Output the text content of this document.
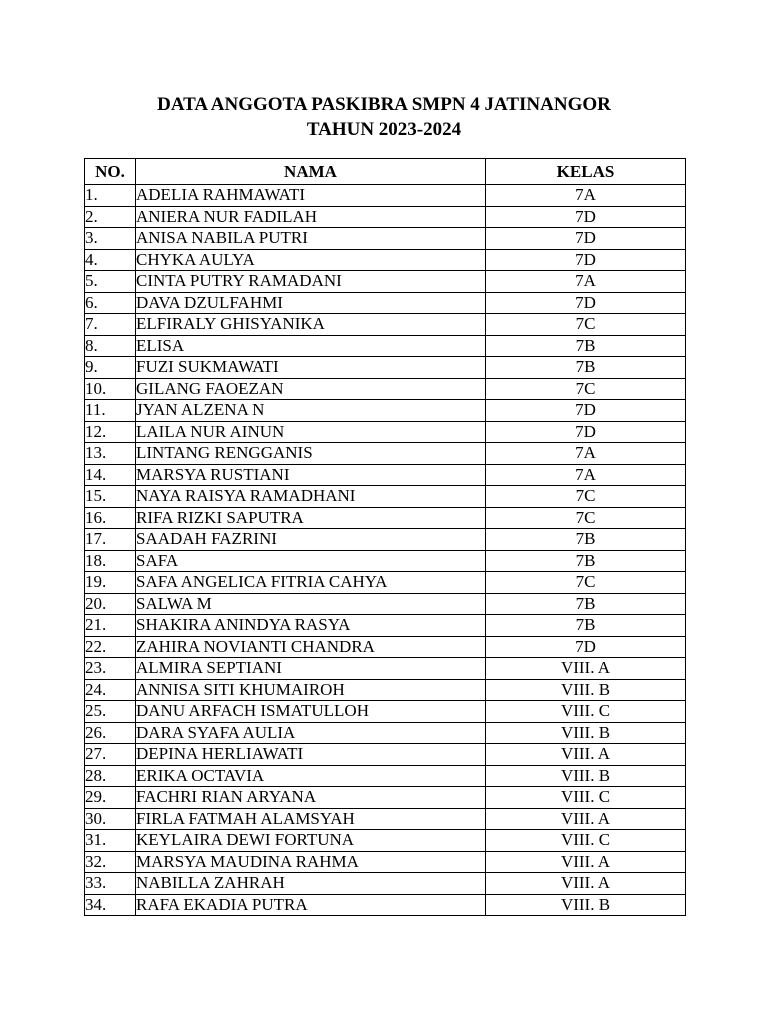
DATA ANGGOTA PASKIBRA SMPN 4 JATINANGOR
TAHUN 2023-2024
NO.	NAMA	KELAS
1.	ADELIA RAHMAWATI	7A
2.	ANIERA NUR FADILAH	7D
3.	ANISA NABILA PUTRI	7D
4.	CHYKA AULYA	7D
5.	CINTA PUTRY RAMADANI	7A
6.	DAVA DZULFAHMI	7D
7.	ELFIRALY GHISYANIKA	7C
8.	ELISA	7B
9.	FUZI SUKMAWATI	7B
10.	GILANG FAOEZAN	7C
11.	JYAN ALZENA N	7D
12.	LAILA NUR AINUN	7D
13.	LINTANG RENGGANIS	7A
14.	MARSYA RUSTIANI	7A
15.	NAYA RAISYA RAMADHANI	7C
16.	RIFA RIZKI SAPUTRA	7C
17.	SAADAH FAZRINI	7B
18.	SAFA	7B
19.	SAFA ANGELICA FITRIA CAHYA	7C
20.	SALWA M	7B
21.	SHAKIRA ANINDYA RASYA	7B
22.	ZAHIRA NOVIANTI CHANDRA	7D
23.	ALMIRA SEPTIANI	VIII. A
24.	ANNISA SITI KHUMAIROH	VIII. B
25.	DANU ARFACH ISMATULLOH	VIII. C
26.	DARA SYAFA AULIA	VIII. B
27.	DEPINA HERLIAWATI	VIII. A
28.	ERIKA OCTAVIA	VIII. B
29.	FACHRI RIAN ARYANA	VIII. C
30.	FIRLA FATMAH ALAMSYAH	VIII. A
31.	KEYLAIRA DEWI FORTUNA	VIII. C
32.	MARSYA MAUDINA RAHMA	VIII. A
33.	NABILLA ZAHRAH	VIII. A
34.	RAFA EKADIA PUTRA	VIII. B
